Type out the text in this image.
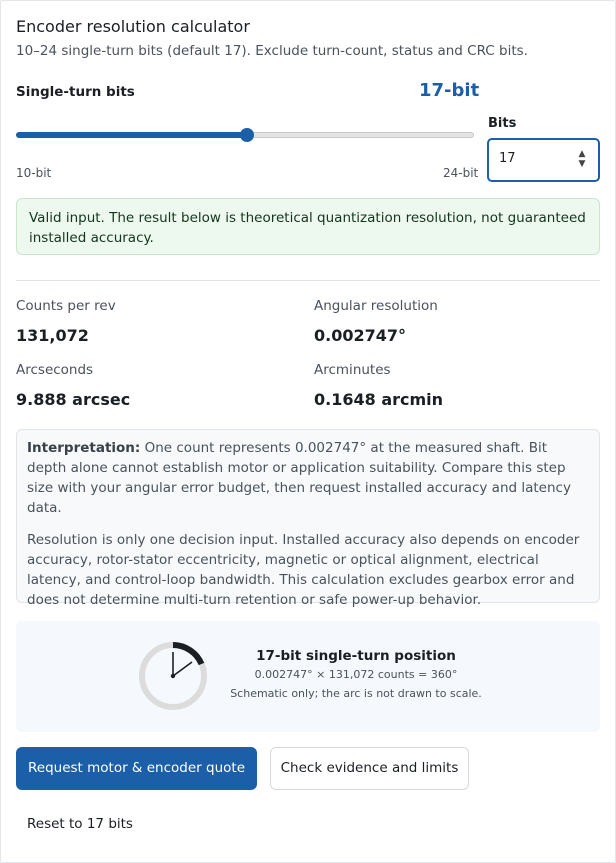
Encoder resolution calculator
10–24 single-turn bits (default 17). Exclude turn-count, status and CRC bits.
Single-turn bits	17-bit
10-bit	24-bit
Bits
17
▲
▼
Valid input. The result below is theoretical quantization resolution, not guaranteed installed accuracy.
Counts per rev
131,072
Angular resolution
0.002747°
Arcseconds
9.888 arcsec
Arcminutes
0.1648 arcmin

Interpretation: One count represents 0.002747° at the measured shaft. Bit depth alone cannot establish motor or application suitability. Compare this step size with your angular error budget, then request installed accuracy and latency data.

Resolution is only one decision input. Installed accuracy also depends on encoder accuracy, rotor-stator eccentricity, magnetic or optical alignment, electrical latency, and control-loop bandwidth. This calculation excludes gearbox error and does not determine multi-turn retention or safe power-up behavior.

17-bit single-turn position
0.002747° × 131,072 counts = 360°
Schematic only; the arc is not drawn to scale.
Request motor & encoder quote	Check evidence and limits
Reset to 17 bits
